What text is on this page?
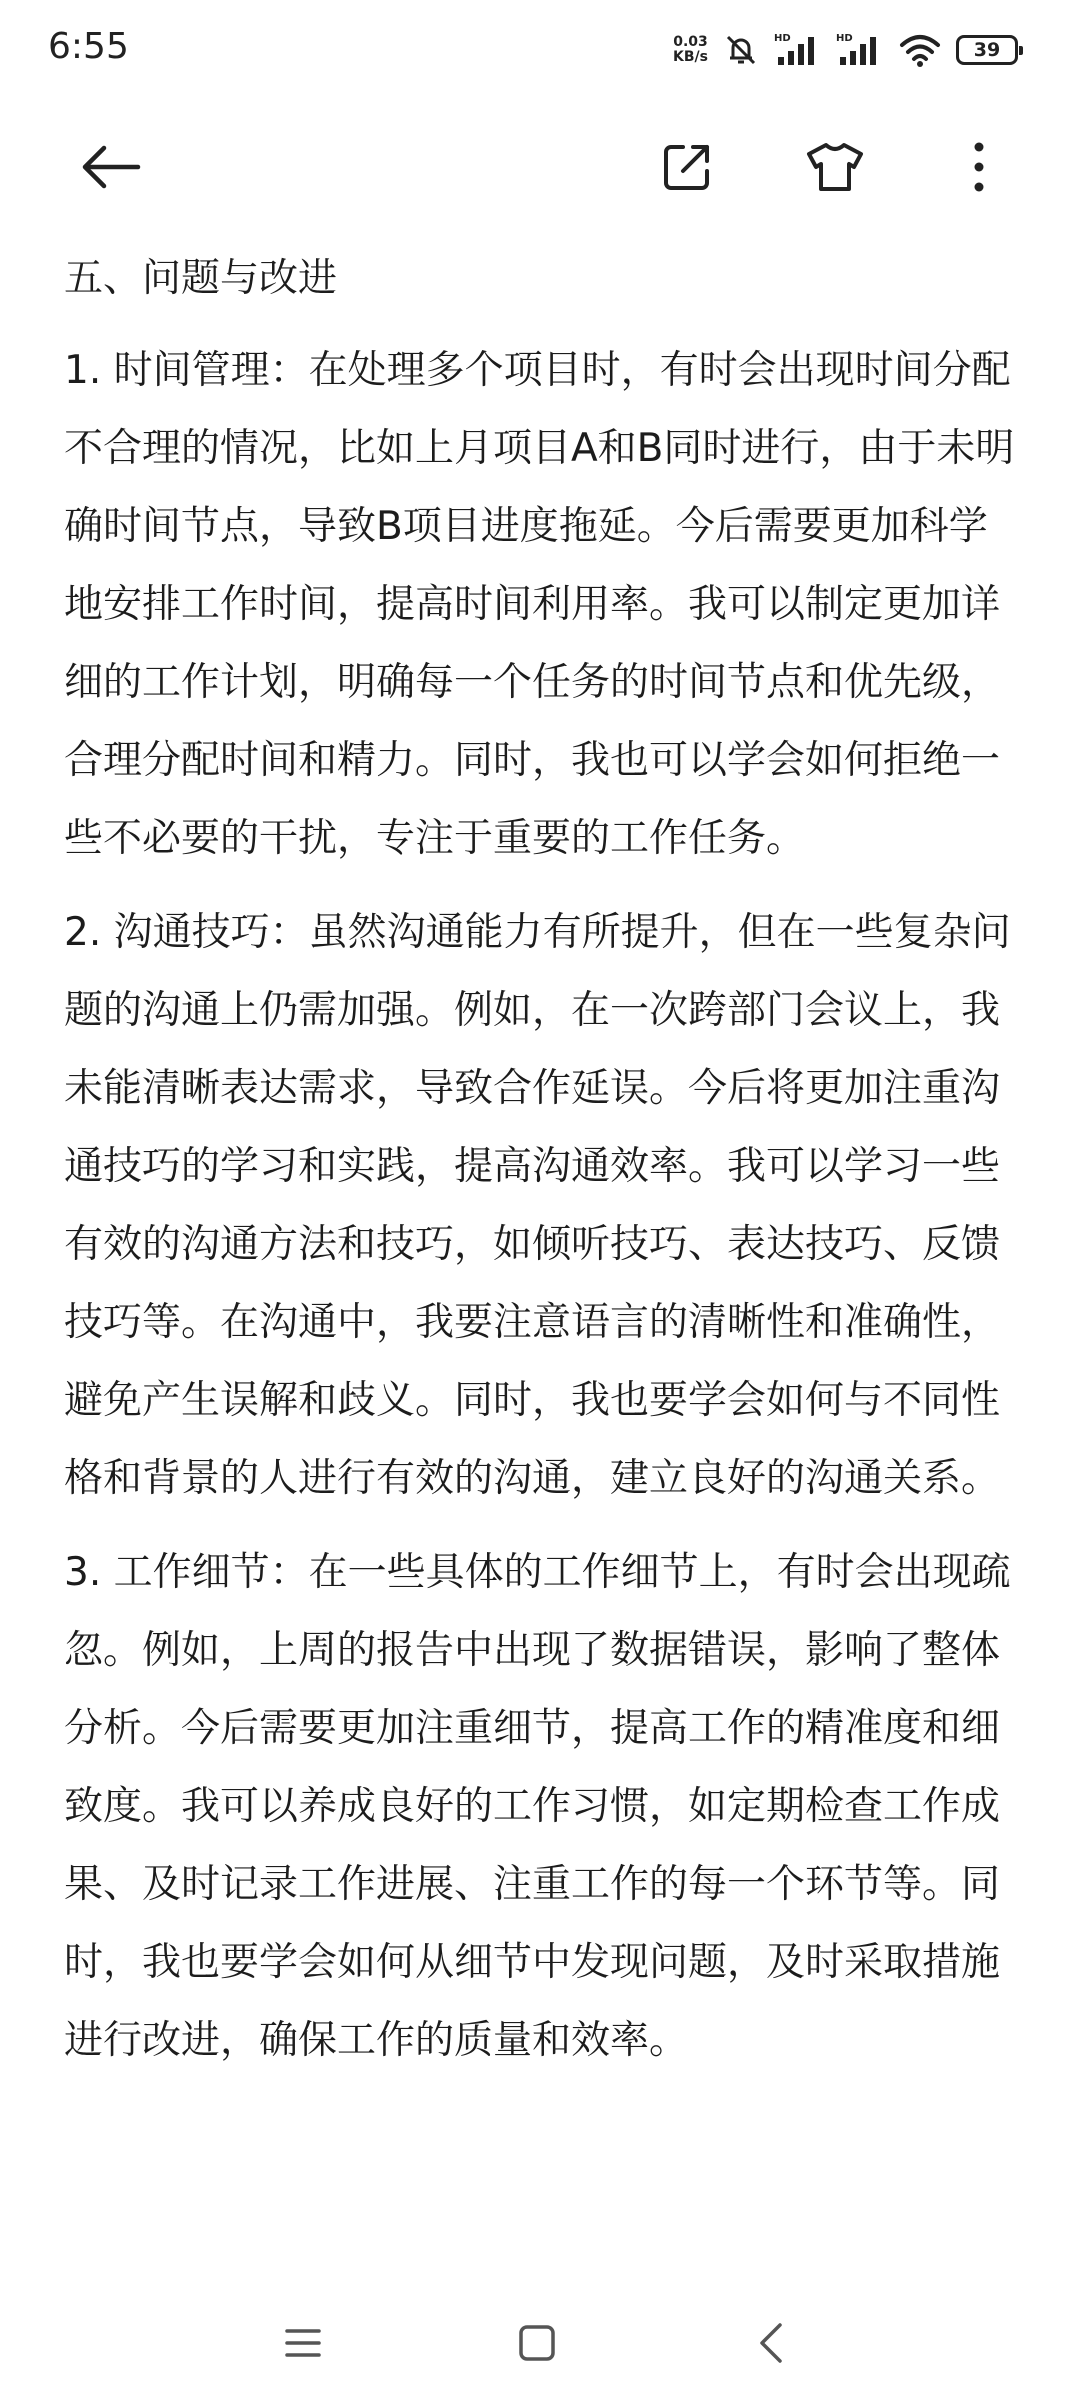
6:55	0.03
KB/s
HD	HD
39
五、问题与改进

1. 时间管理：在处理多个项目时，有时会出现时间分配不合理的情况，比如上月项目A和B同时进行，由于未明确时间节点，导致B项目进度拖延。今后需要更加科学地安排工作时间，提高时间利用率。我可以制定更加详细的工作计划，明确每一个任务的时间节点和优先级，合理分配时间和精力。同时，我也可以学会如何拒绝一些不必要的干扰，专注于重要的工作任务。

2. 沟通技巧：虽然沟通能力有所提升，但在一些复杂问题的沟通上仍需加强。例如，在一次跨部门会议上，我未能清晰表达需求，导致合作延误。今后将更加注重沟通技巧的学习和实践，提高沟通效率。我可以学习一些有效的沟通方法和技巧，如倾听技巧、表达技巧、反馈技巧等。在沟通中，我要注意语言的清晰性和准确性，避免产生误解和歧义。同时，我也要学会如何与不同性格和背景的人进行有效的沟通，建立良好的沟通关系。

3. 工作细节：在一些具体的工作细节上，有时会出现疏忽。例如，上周的报告中出现了数据错误，影响了整体分析。今后需要更加注重细节，提高工作的精准度和细致度。我可以养成良好的工作习惯，如定期检查工作成果、及时记录工作进展、注重工作的每一个环节等。同时，我也要学会如何从细节中发现问题，及时采取措施进行改进，确保工作的质量和效率。
